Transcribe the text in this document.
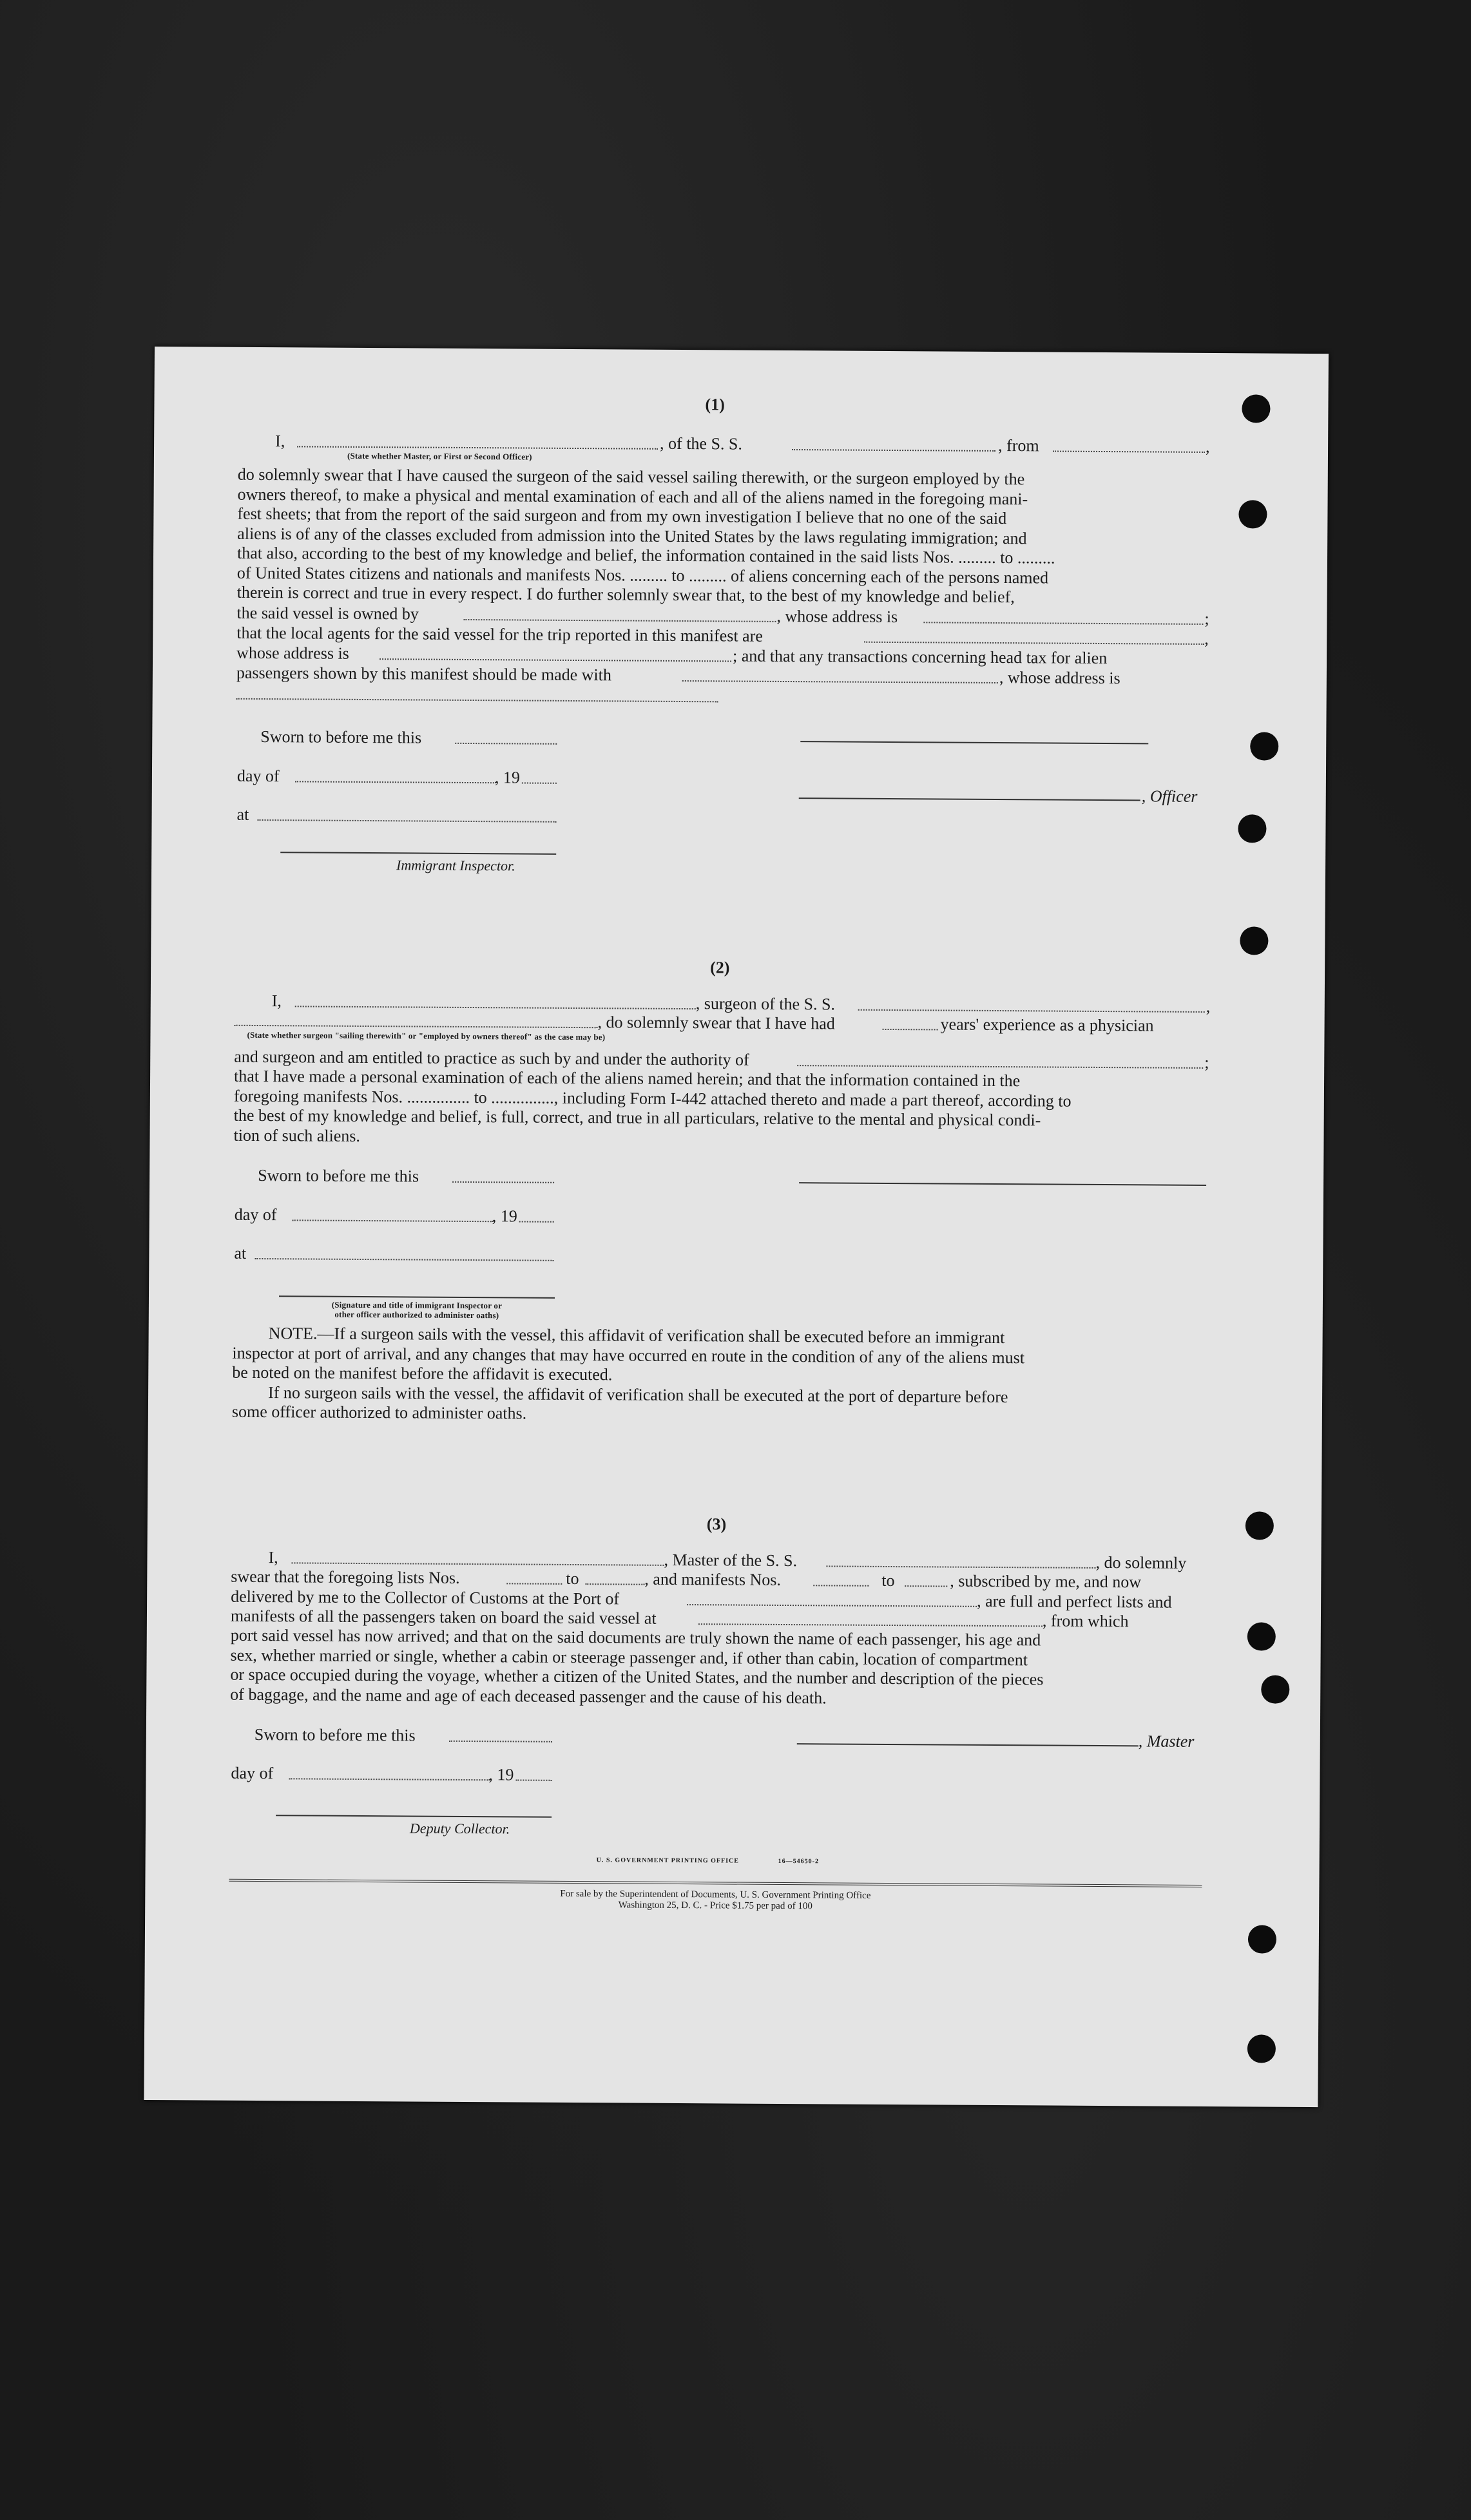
(1)
I,	, of the S. S.	, from	,
(State whether Master, or First or Second Officer)
do solemnly swear that I have caused the surgeon of the said vessel sailing therewith, or the surgeon employed by the
owners thereof, to make a physical and mental examination of each and all of the aliens named in the foregoing mani-
fest sheets; that from the report of the said surgeon and from my own investigation I believe that no one of the said
aliens is of any of the classes excluded from admission into the United States by the laws regulating immigration; and
that also, according to the best of my knowledge and belief, the information contained in the said lists Nos. ......... to .........
of United States citizens and nationals and manifests Nos. ......... to ......... of aliens concerning each of the persons named
therein is correct and true in every respect. I do further solemnly swear that, to the best of my knowledge and belief,
the said vessel is owned by	, whose address is	;
that the local agents for the said vessel for the trip reported in this manifest are	,
whose address is	; and that any transactions concerning head tax for alien
passengers shown by this manifest should be made with	, whose address is
Sworn to before me this
day of	, 19
, Officer
at
Immigrant Inspector.
(2)
I,	, surgeon of the S. S.	,
, do solemnly swear that I have had	years' experience as a physician
(State whether surgeon "sailing therewith" or "employed by owners thereof" as the case may be)
and surgeon and am entitled to practice as such by and under the authority of	;
that I have made a personal examination of each of the aliens named herein; and that the information contained in the
foregoing manifests Nos. ............... to ..............., including Form I-442 attached thereto and made a part thereof, according to
the best of my knowledge and belief, is full, correct, and true in all particulars, relative to the mental and physical condi-
tion of such aliens.
Sworn to before me this
day of	, 19
at
(Signature and title of immigrant Inspector or
other officer authorized to administer oaths)
NOTE.—If a surgeon sails with the vessel, this affidavit of verification shall be executed before an immigrant
inspector at port of arrival, and any changes that may have occurred en route in the condition of any of the aliens must
be noted on the manifest before the affidavit is executed.
If no surgeon sails with the vessel, the affidavit of verification shall be executed at the port of departure before
some officer authorized to administer oaths.
(3)
I,	, Master of the S. S.	, do solemnly
swear that the foregoing lists Nos.	to	, and manifests Nos.	to	, subscribed by me, and now
delivered by me to the Collector of Customs at the Port of	, are full and perfect lists and
manifests of all the passengers taken on board the said vessel at	, from which
port said vessel has now arrived; and that on the said documents are truly shown the name of each passenger, his age and
sex, whether married or single, whether a cabin or steerage passenger and, if other than cabin, location of compartment
or space occupied during the voyage, whether a citizen of the United States, and the number and description of the pieces
of baggage, and the name and age of each deceased passenger and the cause of his death.
Sworn to before me this	, Master
day of	, 19
Deputy Collector.
U. S. GOVERNMENT PRINTING OFFICE	16—54650-2
For sale by the Superintendent of Documents, U. S. Government Printing Office
Washington 25, D. C. - Price $1.75 per pad of 100
